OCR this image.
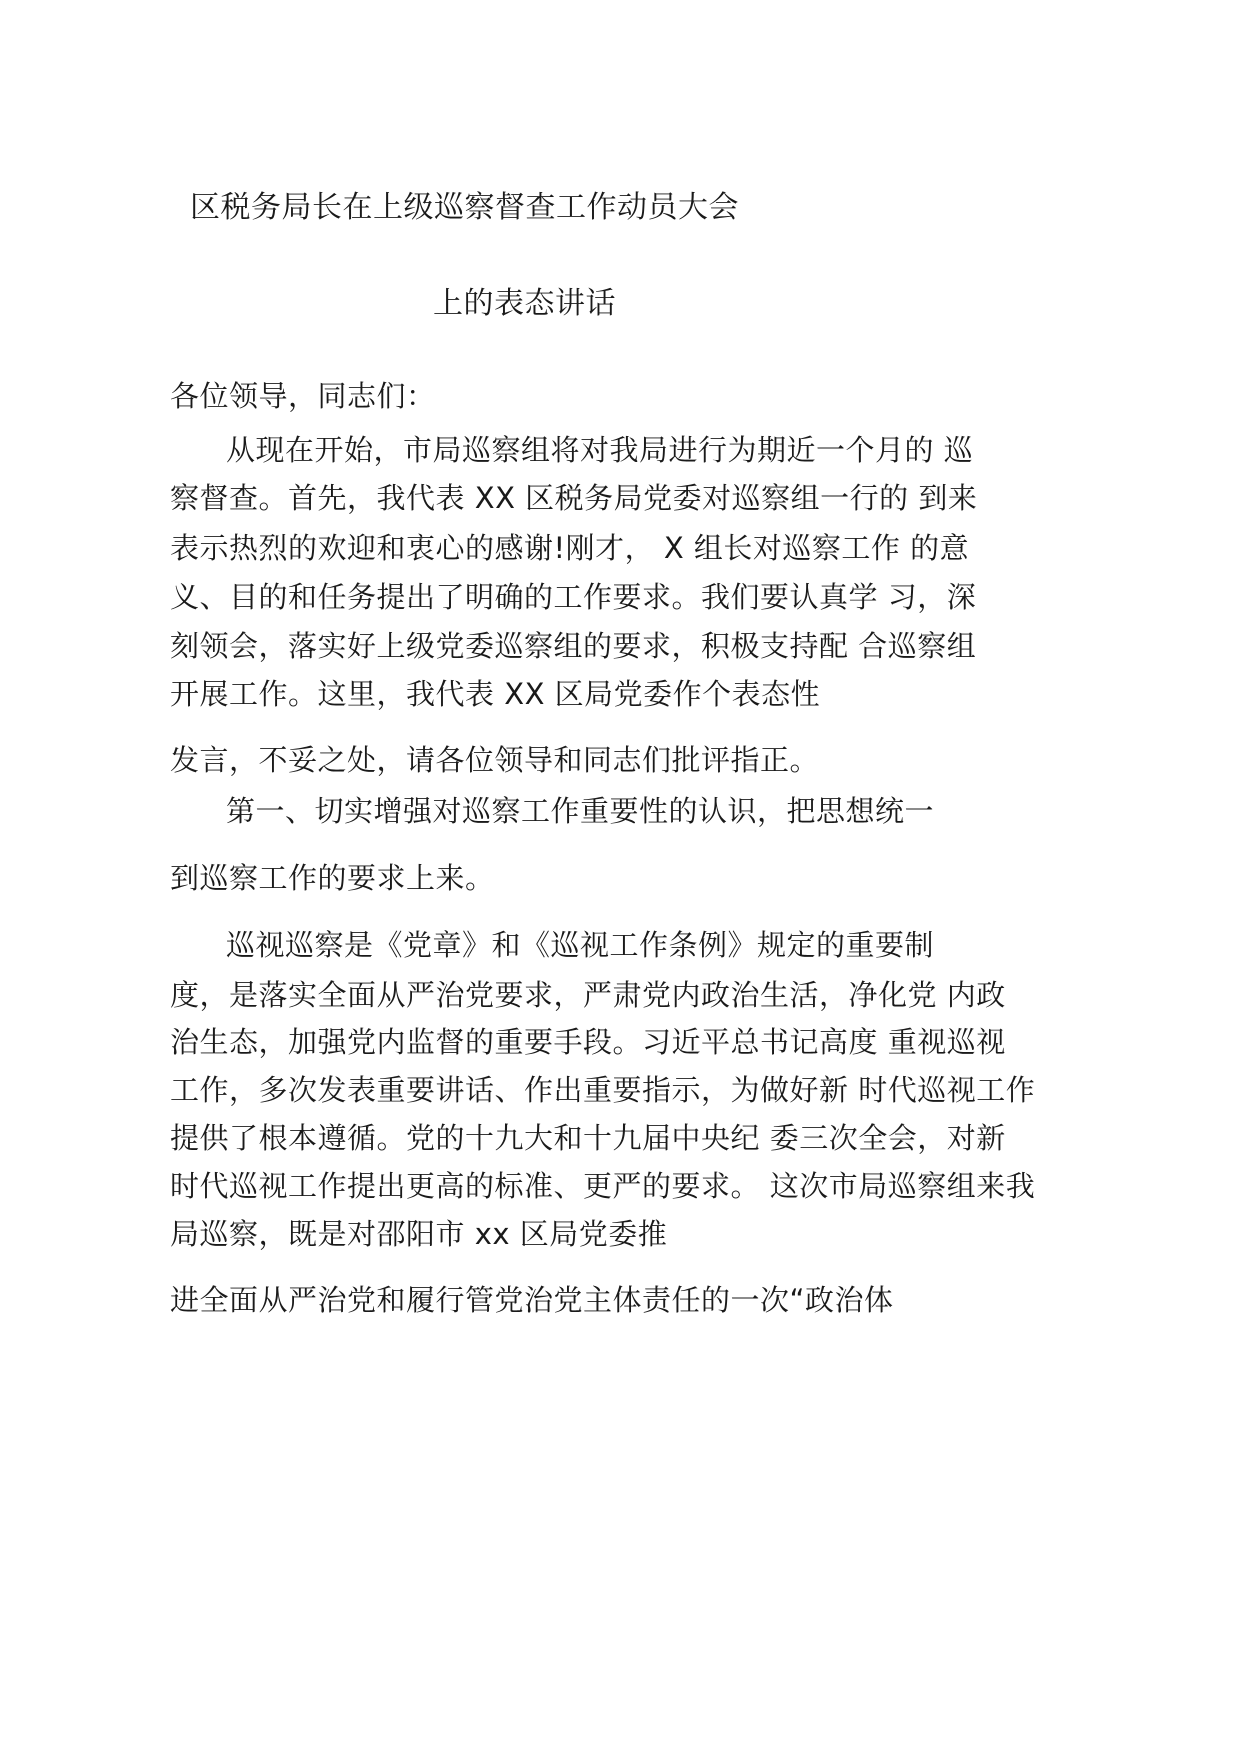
区税务局长在上级巡察督查工作动员大会
上的表态讲话
各位领导，同志们：
从现在开始，市局巡察组将对我局进行为期近一个月的 巡
察督查。首先，我代表 XX 区税务局党委对巡察组一行的 到来
表示热烈的欢迎和衷心的感谢!刚才， X 组长对巡察工作 的意
义、目的和任务提出了明确的工作要求。我们要认真学 习，深
刻领会，落实好上级党委巡察组的要求，积极支持配 合巡察组
开展工作。这里，我代表 XX 区局党委作个表态性
发言，不妥之处，请各位领导和同志们批评指正。
第一、切实增强对巡察工作重要性的认识，把思想统一
到巡察工作的要求上来。
巡视巡察是《党章》和《巡视工作条例》规定的重要制
度，是落实全面从严治党要求，严肃党内政治生活，净化党 内政
治生态，加强党内监督的重要手段。习近平总书记高度 重视巡视
工作，多次发表重要讲话、作出重要指示，为做好新 时代巡视工作
提供了根本遵循。党的十九大和十九届中央纪 委三次全会，对新
时代巡视工作提出更高的标准、更严的要求。 这次市局巡察组来我
局巡察，既是对邵阳市 xx 区局党委推
进全面从严治党和履行管党治党主体责任的一次“政治体
